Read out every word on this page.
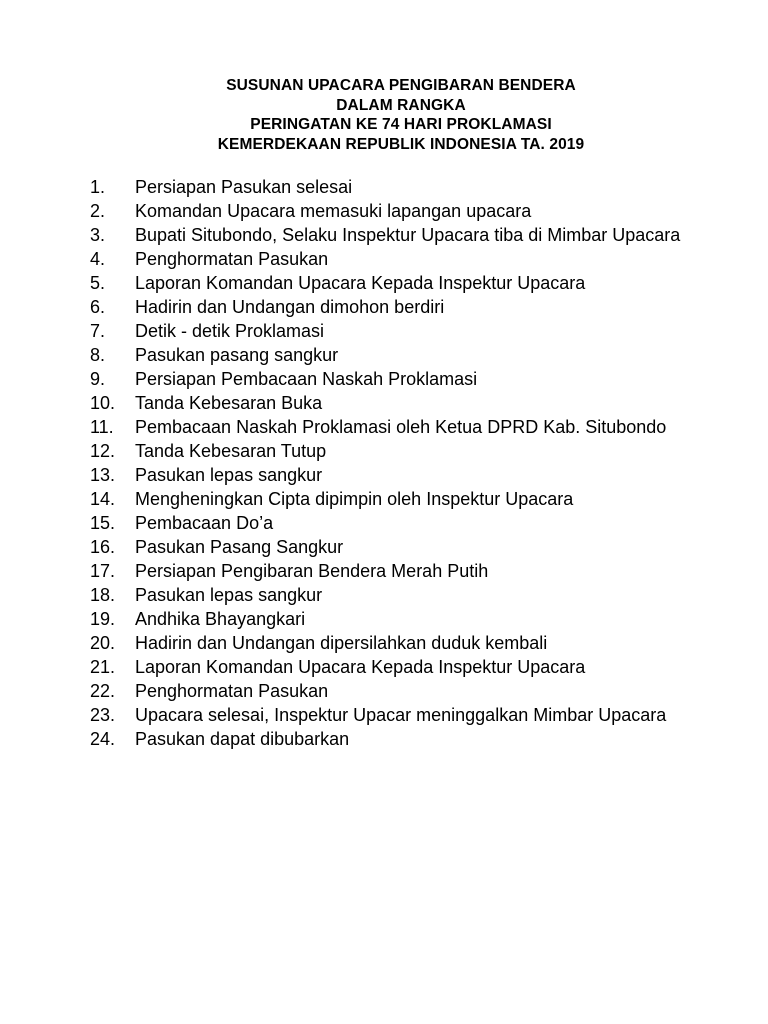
SUSUNAN UPACARA PENGIBARAN BENDERA
DALAM RANGKA
PERINGATAN KE 74 HARI PROKLAMASI
KEMERDEKAAN REPUBLIK INDONESIA TA. 2019
1. Persiapan Pasukan selesai
2. Komandan Upacara memasuki lapangan upacara
3. Bupati Situbondo, Selaku Inspektur Upacara tiba di Mimbar Upacara
4. Penghormatan Pasukan
5. Laporan Komandan Upacara Kepada Inspektur Upacara
6. Hadirin dan Undangan dimohon berdiri
7. Detik - detik Proklamasi
8. Pasukan pasang sangkur
9. Persiapan Pembacaan Naskah Proklamasi
10. Tanda Kebesaran Buka
11. Pembacaan Naskah Proklamasi oleh Ketua DPRD Kab. Situbondo
12. Tanda Kebesaran Tutup
13. Pasukan lepas sangkur
14. Mengheningkan Cipta dipimpin oleh Inspektur Upacara
15. Pembacaan Do’a
16. Pasukan Pasang Sangkur
17. Persiapan Pengibaran Bendera Merah Putih
18. Pasukan lepas sangkur
19. Andhika Bhayangkari
20. Hadirin dan Undangan dipersilahkan duduk kembali
21. Laporan Komandan Upacara Kepada Inspektur Upacara
22. Penghormatan Pasukan
23. Upacara selesai, Inspektur Upacar meninggalkan Mimbar Upacara
24. Pasukan dapat dibubarkan
